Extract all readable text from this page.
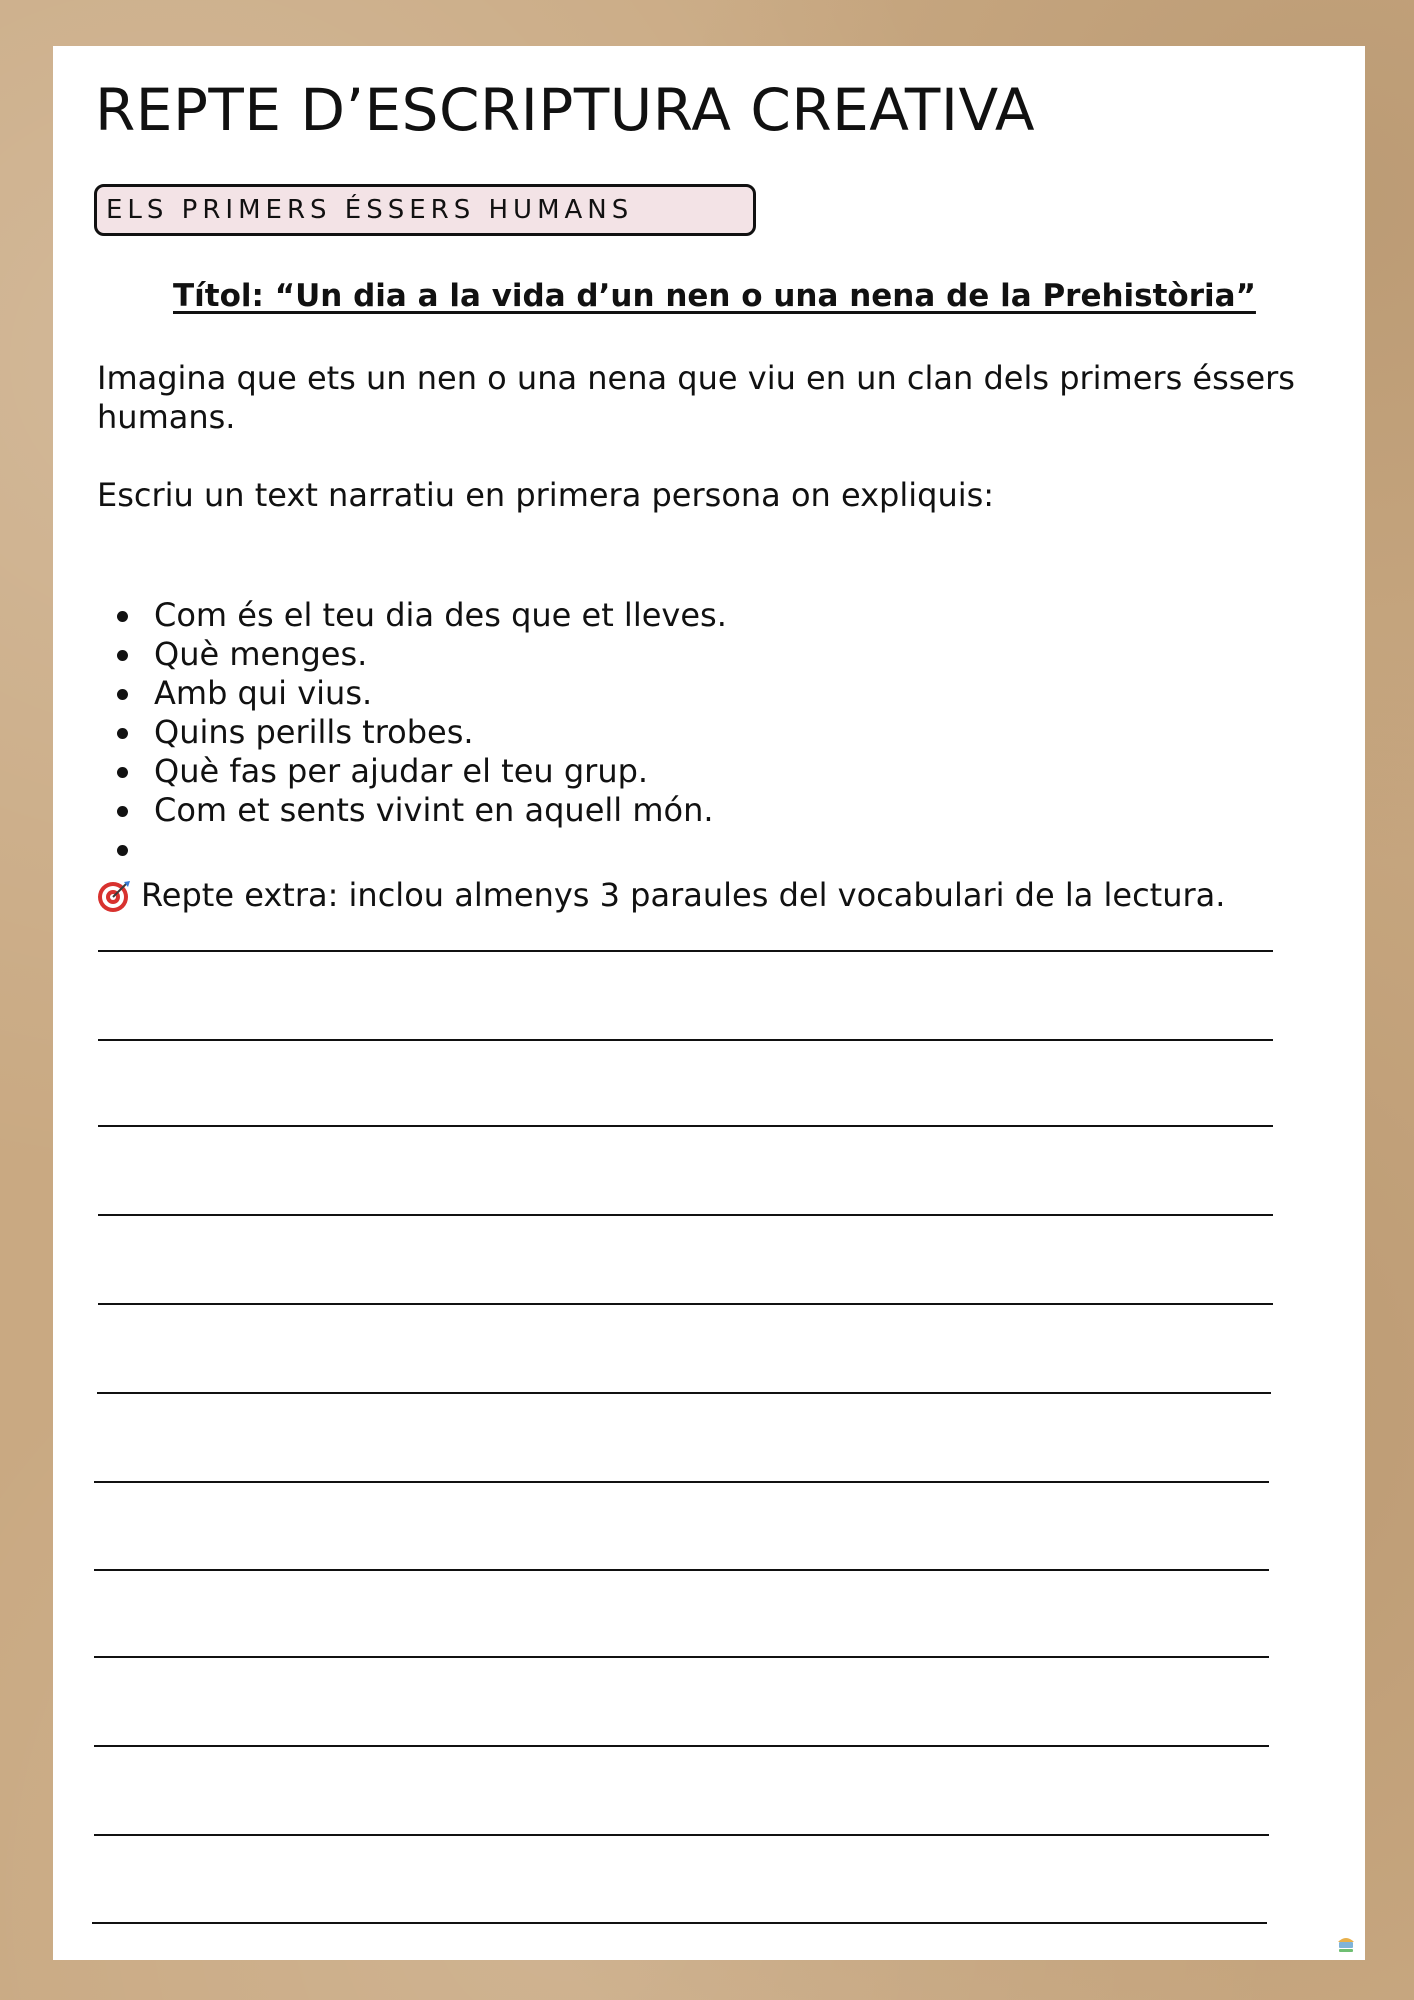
REPTE D’ESCRIPTURA CREATIVA
ELS PRIMERS ÉSSERS HUMANS
Títol: “Un dia a la vida d’un nen o una nena de la Prehistòria”

Imagina que ets un nen o una nena que viu en un clan dels primers éssers humans.

Escriu un text narratiu en primera persona on expliquis:

Com és el teu dia des que et lleves.
Què menges.
Amb qui vius.
Quins perills trobes.
Què fas per ajudar el teu grup.
Com et sents vivint en aquell món.

Repte extra: inclou almenys 3 paraules del vocabulari de la lectura.
